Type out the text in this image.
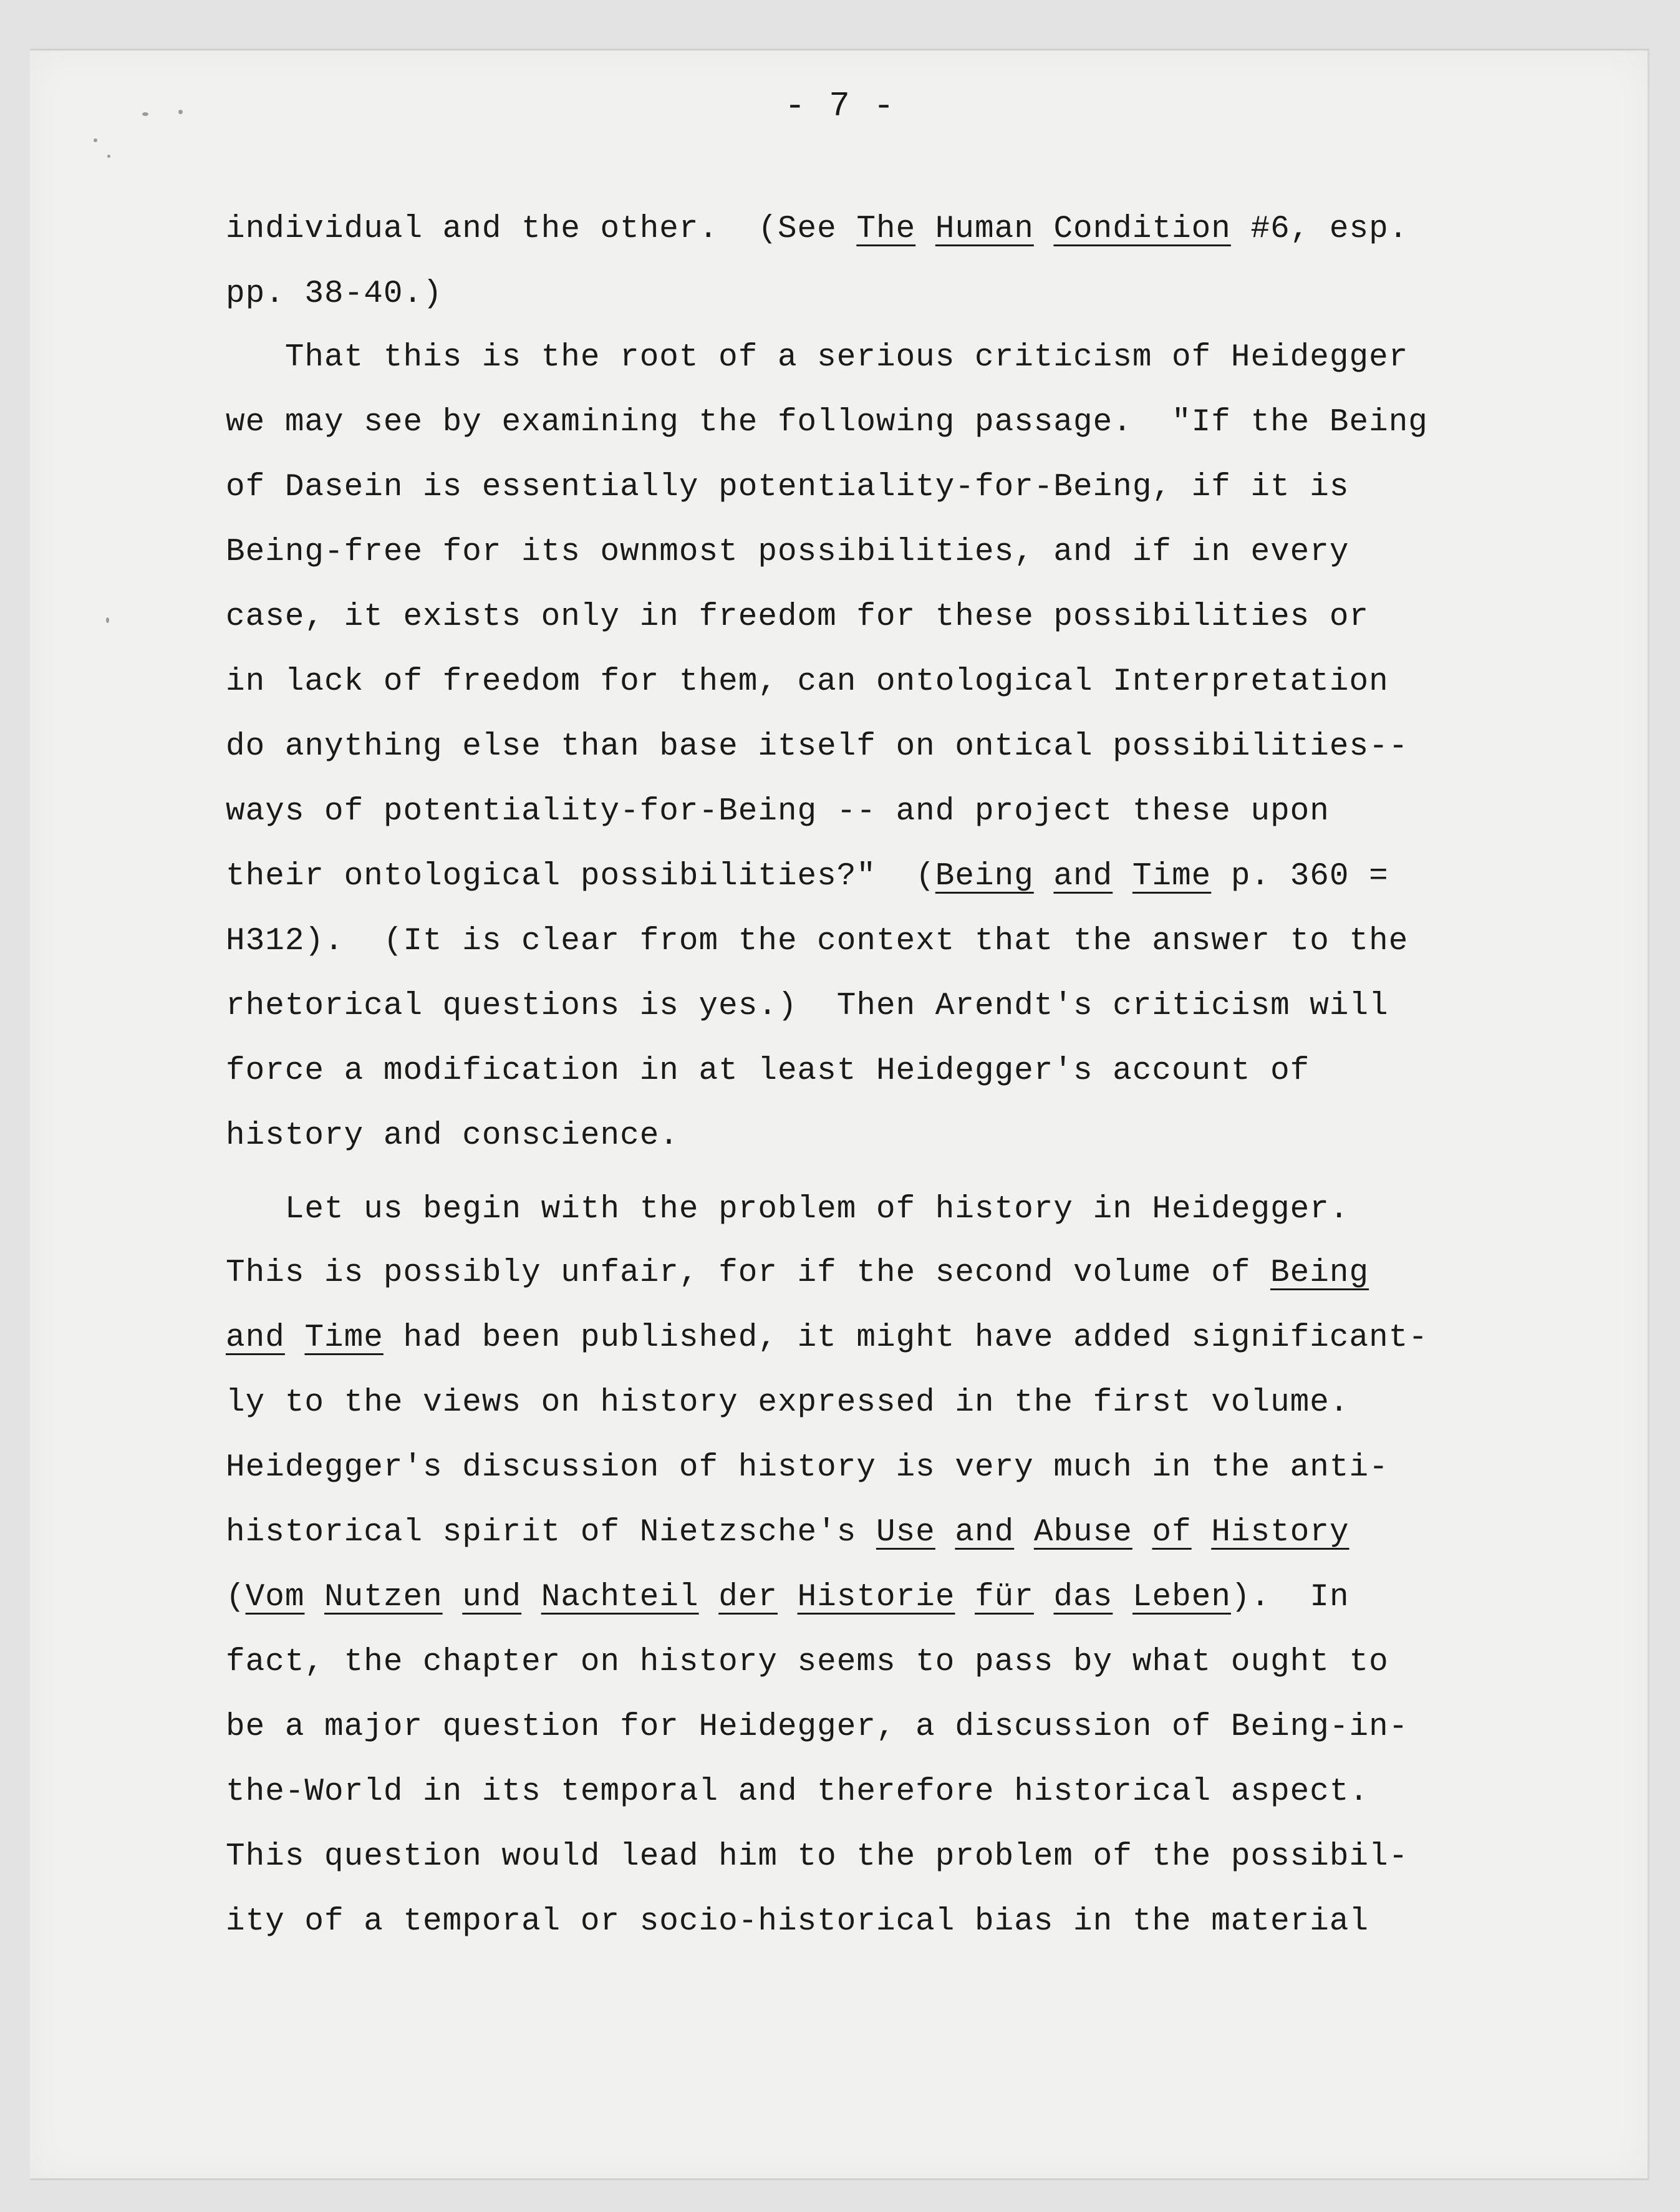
- 7 -
individual and the other.  (See The Human Condition #6, esp.
pp. 38-40.)
That this is the root of a serious criticism of Heidegger
we may see by examining the following passage.  "If the Being
of Dasein is essentially potentiality-for-Being, if it is
Being-free for its ownmost possibilities, and if in every
case, it exists only in freedom for these possibilities or
in lack of freedom for them, can ontological Interpretation
do anything else than base itself on ontical possibilities--
ways of potentiality-for-Being -- and project these upon
their ontological possibilities?"  (Being and Time p. 360 =
H312).  (It is clear from the context that the answer to the
rhetorical questions is yes.)  Then Arendt's criticism will
force a modification in at least Heidegger's account of
history and conscience.
Let us begin with the problem of history in Heidegger.
This is possibly unfair, for if the second volume of Being
and Time had been published, it might have added significant-
ly to the views on history expressed in the first volume.
Heidegger's discussion of history is very much in the anti-
historical spirit of Nietzsche's Use and Abuse of History
(Vom Nutzen und Nachteil der Historie für das Leben).  In
fact, the chapter on history seems to pass by what ought to
be a major question for Heidegger, a discussion of Being-in-
the-World in its temporal and therefore historical aspect.
This question would lead him to the problem of the possibil-
ity of a temporal or socio-historical bias in the material
